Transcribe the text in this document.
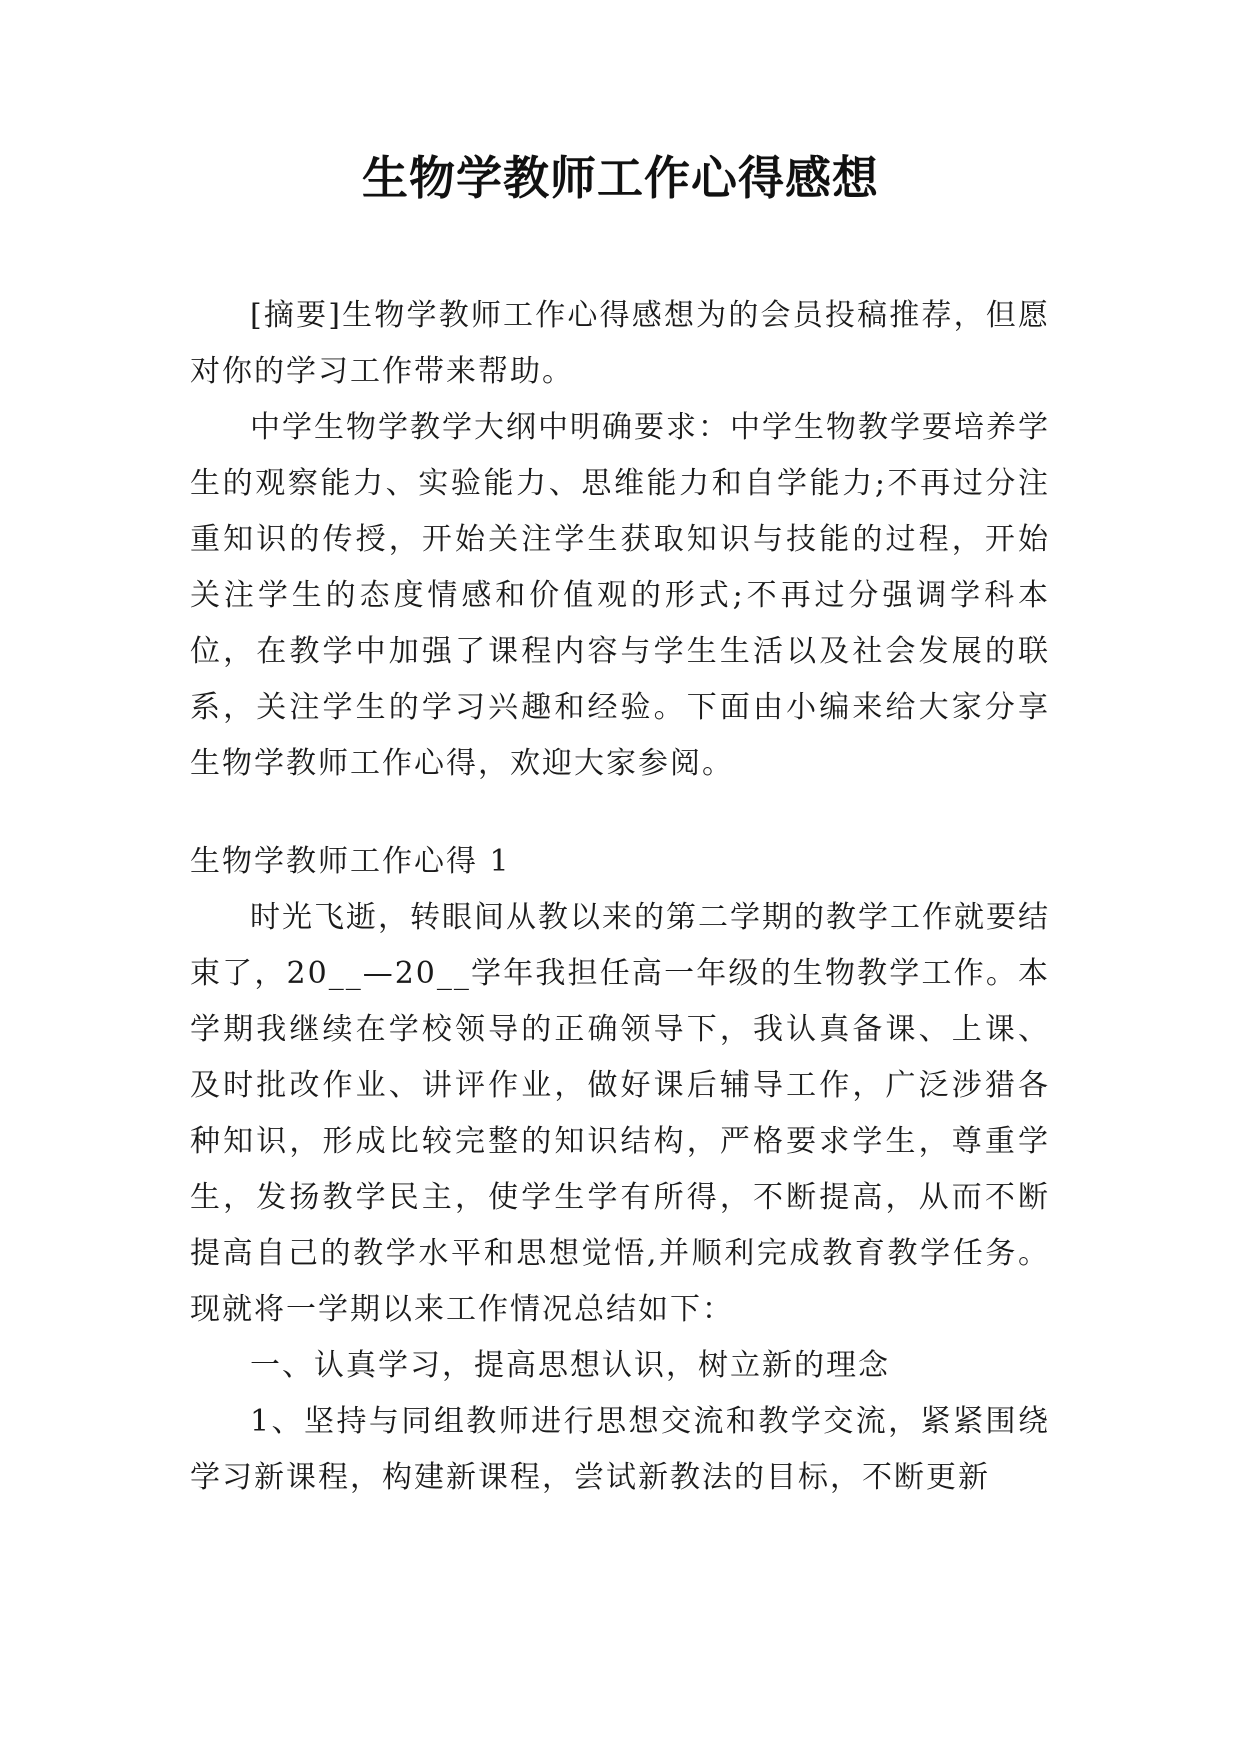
生物学教师工作心得感想

[摘要]生物学教师工作心得感想为的会员投稿推荐，但愿对你的学习工作带来帮助。

中学生物学教学大纲中明确要求：中学生物教学要培养学生的观察能力、实验能力、思维能力和自学能力;不再过分注重知识的传授，开始关注学生获取知识与技能的过程，开始关注学生的态度情感和价值观的形式;不再过分强调学科本位，在教学中加强了课程内容与学生生活以及社会发展的联系，关注学生的学习兴趣和经验。下面由小编来给大家分享生物学教师工作心得，欢迎大家参阅。

生物学教师工作心得 1

时光飞逝，转眼间从教以来的第二学期的教学工作就要结束了，20__—20__学年我担任高一年级的生物教学工作。本学期我继续在学校领导的正确领导下，我认真备课、上课、及时批改作业、讲评作业，做好课后辅导工作，广泛涉猎各种知识，形成比较完整的知识结构，严格要求学生，尊重学生，发扬教学民主，使学生学有所得，不断提高，从而不断提高自己的教学水平和思想觉悟,并顺利完成教育教学任务。现就将一学期以来工作情况总结如下：

一、认真学习，提高思想认识，树立新的理念

1、坚持与同组教师进行思想交流和教学交流，紧紧围绕学习新课程，构建新课程，尝试新教法的目标，不断更新
